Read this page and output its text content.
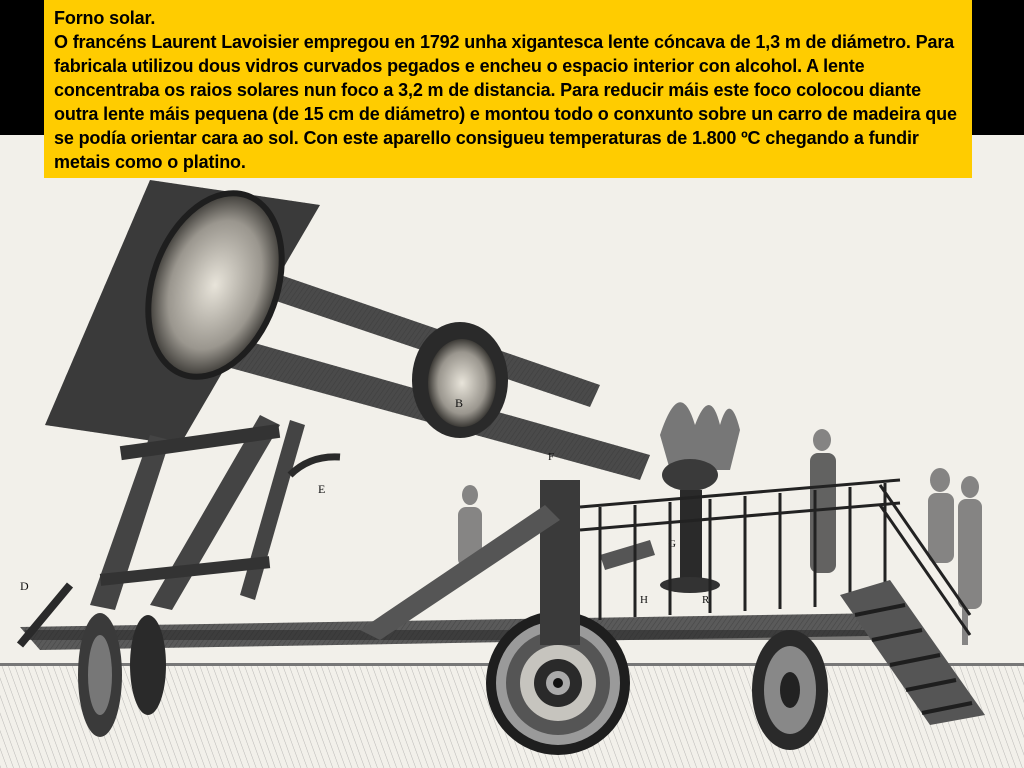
B
E
G
H	R
D
F

Forno solar.

O francéns Laurent Lavoisier empregou en 1792 unha xigantesca lente cóncava de 1,3 m de diámetro. Para fabricala utilizou dous vidros curvados pegados e encheu o espacio interior con alcohol. A lente concentraba os raios solares nun foco a 3,2 m de distancia. Para reducir máis este foco colocou diante outra lente máis pequena (de 15 cm de diámetro) e montou todo o conxunto sobre un carro de madeira que se podía orientar cara ao sol. Con este aparello consigueu temperaturas de 1.800 ºC chegando a fundir metais como o platino.
